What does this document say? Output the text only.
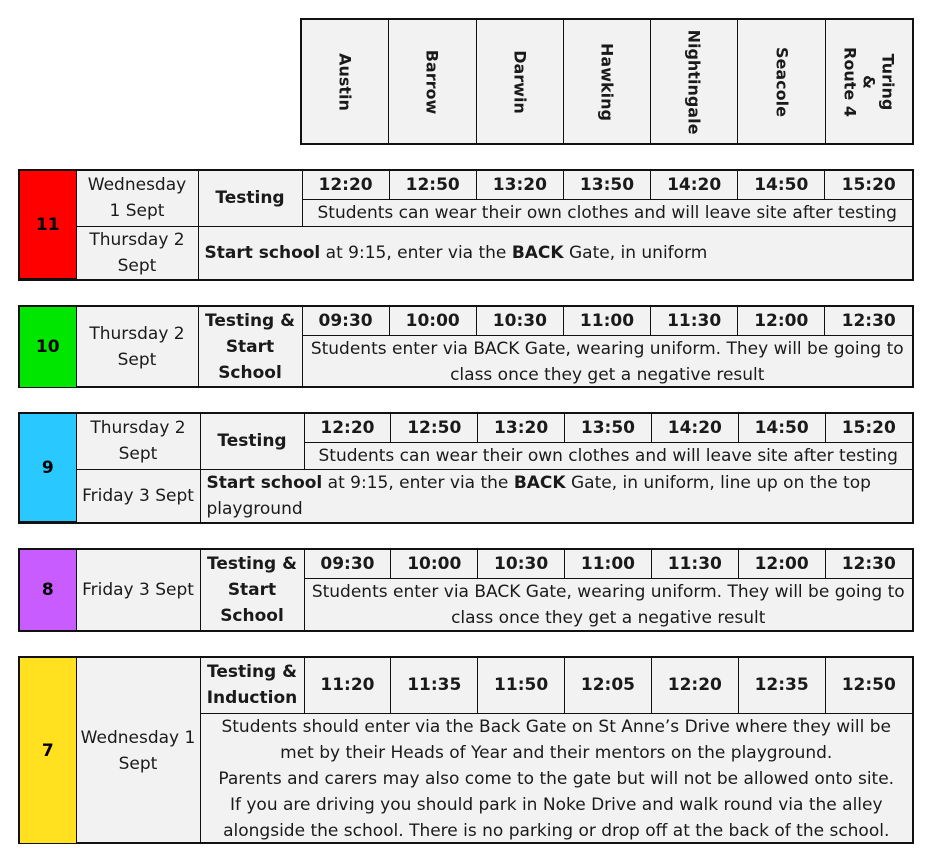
Austin	Barrow	Darwin	Hawking	Nightingale	Seacole	Turing & Route 4
11	Wednesday 1 Sept	Testing	12:20	12:50	13:20	13:50	14:20	14:50	15:20
			Students can wear their own clothes and will leave site after testing						
	Thursday 2 Sept	Start school at 9:15, enter via the BACK Gate, in uniform							
10	Thursday 2 Sept	Testing & Start School	09:30	10:00	10:30	11:00	11:30	12:00	12:30
Students enter via BACK Gate, wearing uniform. They will be going to class once they get a negative result
9	Thursday 2 Sept	Testing	12:20	12:50	13:20	13:50	14:20	14:50	15:20
			Students can wear their own clothes and will leave site after testing						
	Friday 3 Sept	Start school at 9:15, enter via the BACK Gate, in uniform, line up on the top playground							
8	Friday 3 Sept	Testing & Start School	09:30	10:00	10:30	11:00	11:30	12:00	12:30
Students enter via BACK Gate, wearing uniform. They will be going to class once they get a negative result
7	Wednesday 1 Sept	Testing & Induction	11:20	11:35	11:50	12:05	12:20	12:35	12:50

Students should enter via the Back Gate on St Anne’s Drive where they will be met by their Heads of Year and their mentors on the playground.
Parents and carers may also come to the gate but will not be allowed onto site.
If you are driving you should park in Noke Drive and walk round via the alley alongside the school. There is no parking or drop off at the back of the school.
